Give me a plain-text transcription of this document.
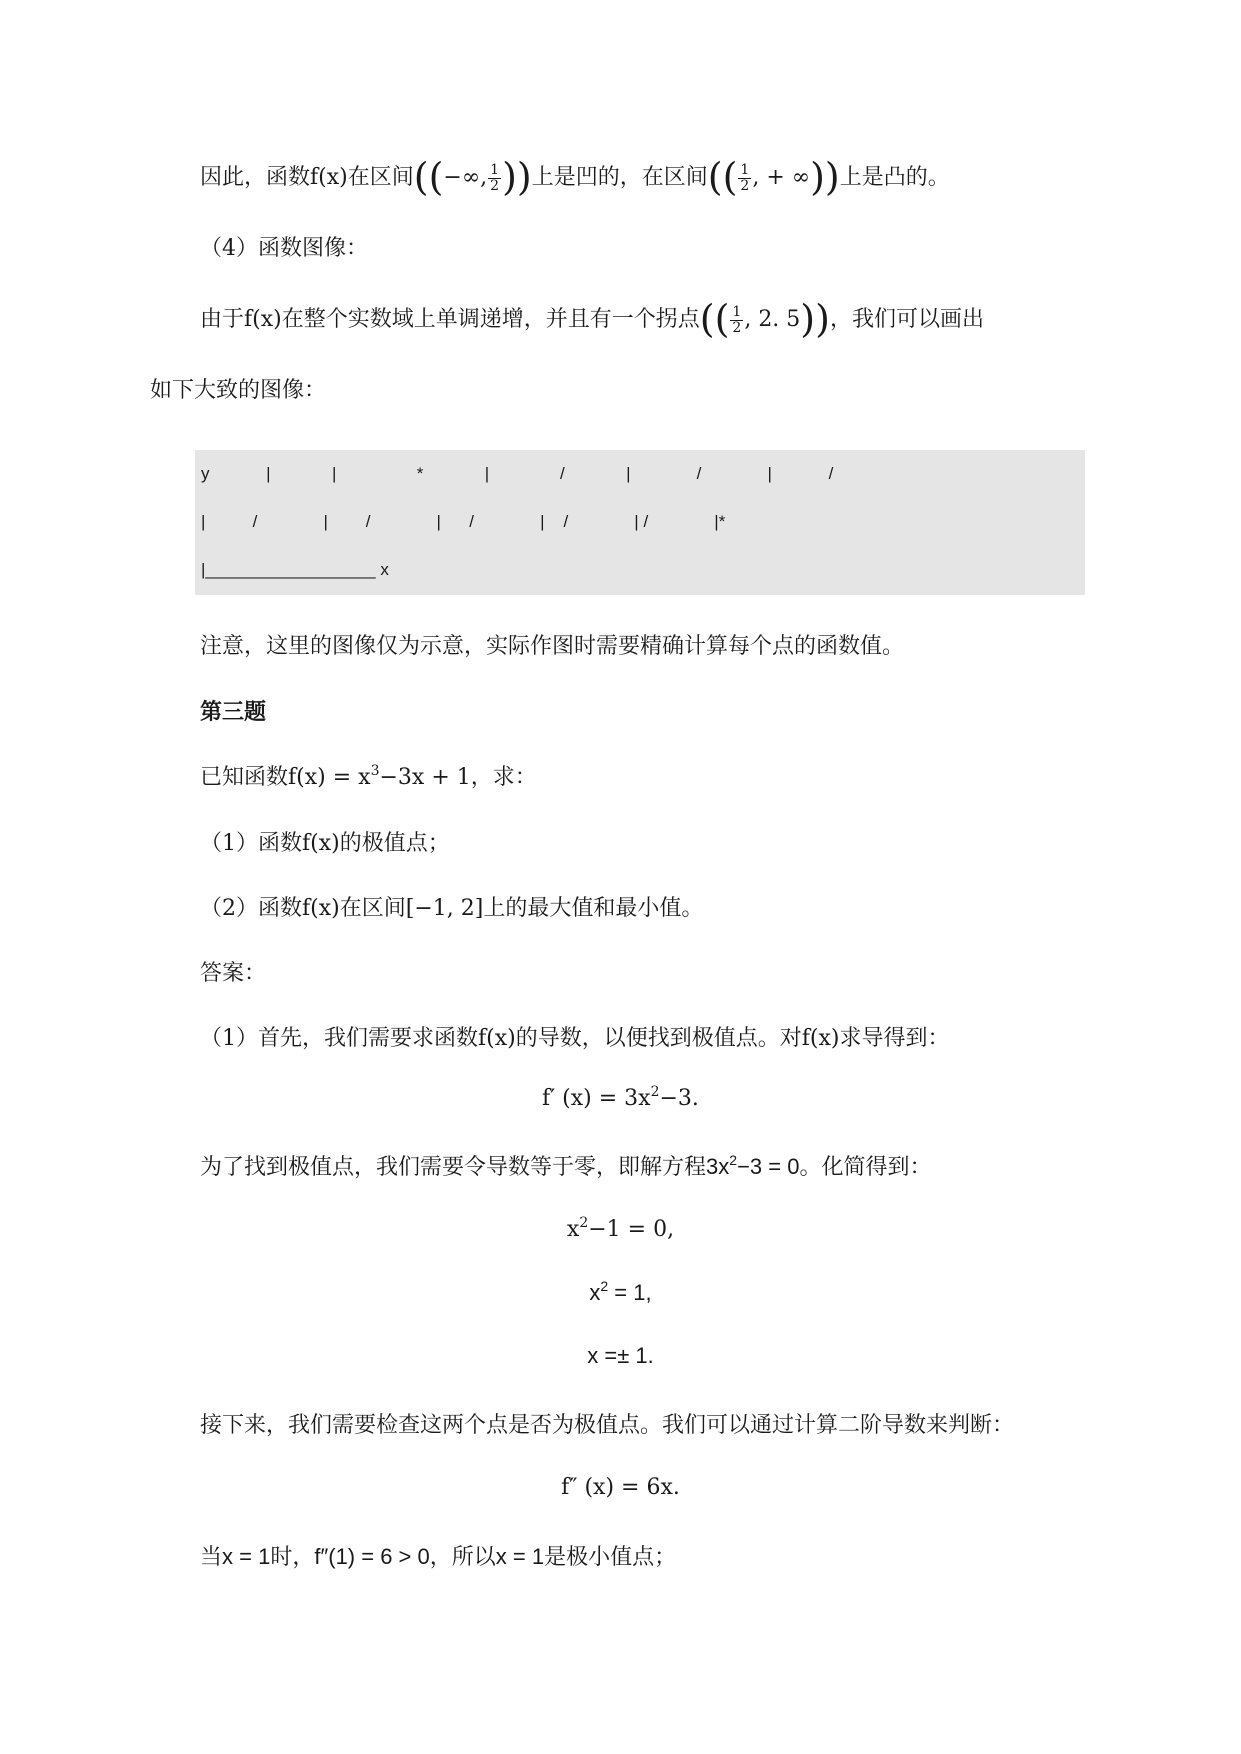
因此，函数f(x)在区间((−∞, $\frac{1}{2}$ ))上是凹的，在区间(( $\frac{1}{2}$ , + ∞))上是凸的。
（4）函数图像：
由于f(x)在整个实数域上单调递增，并且有一个拐点(( $\frac{1}{2}$ , 2. 5))，我们可以画出
如下大致的图像：
y            |             |                 *             |               /             |              /              |            /
|          /              |        /              |      /              |    /              | /              |*
|__________________ x
注意，这里的图像仅为示意，实际作图时需要精确计算每个点的函数值。
第三题
已知函数$f(x) = x^3-3x + 1$，求：
（1）函数f(x)的极值点；
（2）函数f(x)在区间[−1, 2]上的最大值和最小值。
答案：
（1）首先，我们需要求函数f(x)的导数，以便找到极值点。对f(x)求导得到：
f′ $(x) = 3x^2-3$.
为了找到极值点，我们需要令导数等于零，即解方程$3x^2-3 = 0$。化简得到：
$x^2-1 = 0$,
$x^2 = 1$,
x =± 1.
接下来，我们需要检查这两个点是否为极值点。我们可以通过计算二阶导数来判断：
f″ (x) = 6x.
当x = 1时，f″(1) = 6 > 0，所以x = 1是极小值点；
